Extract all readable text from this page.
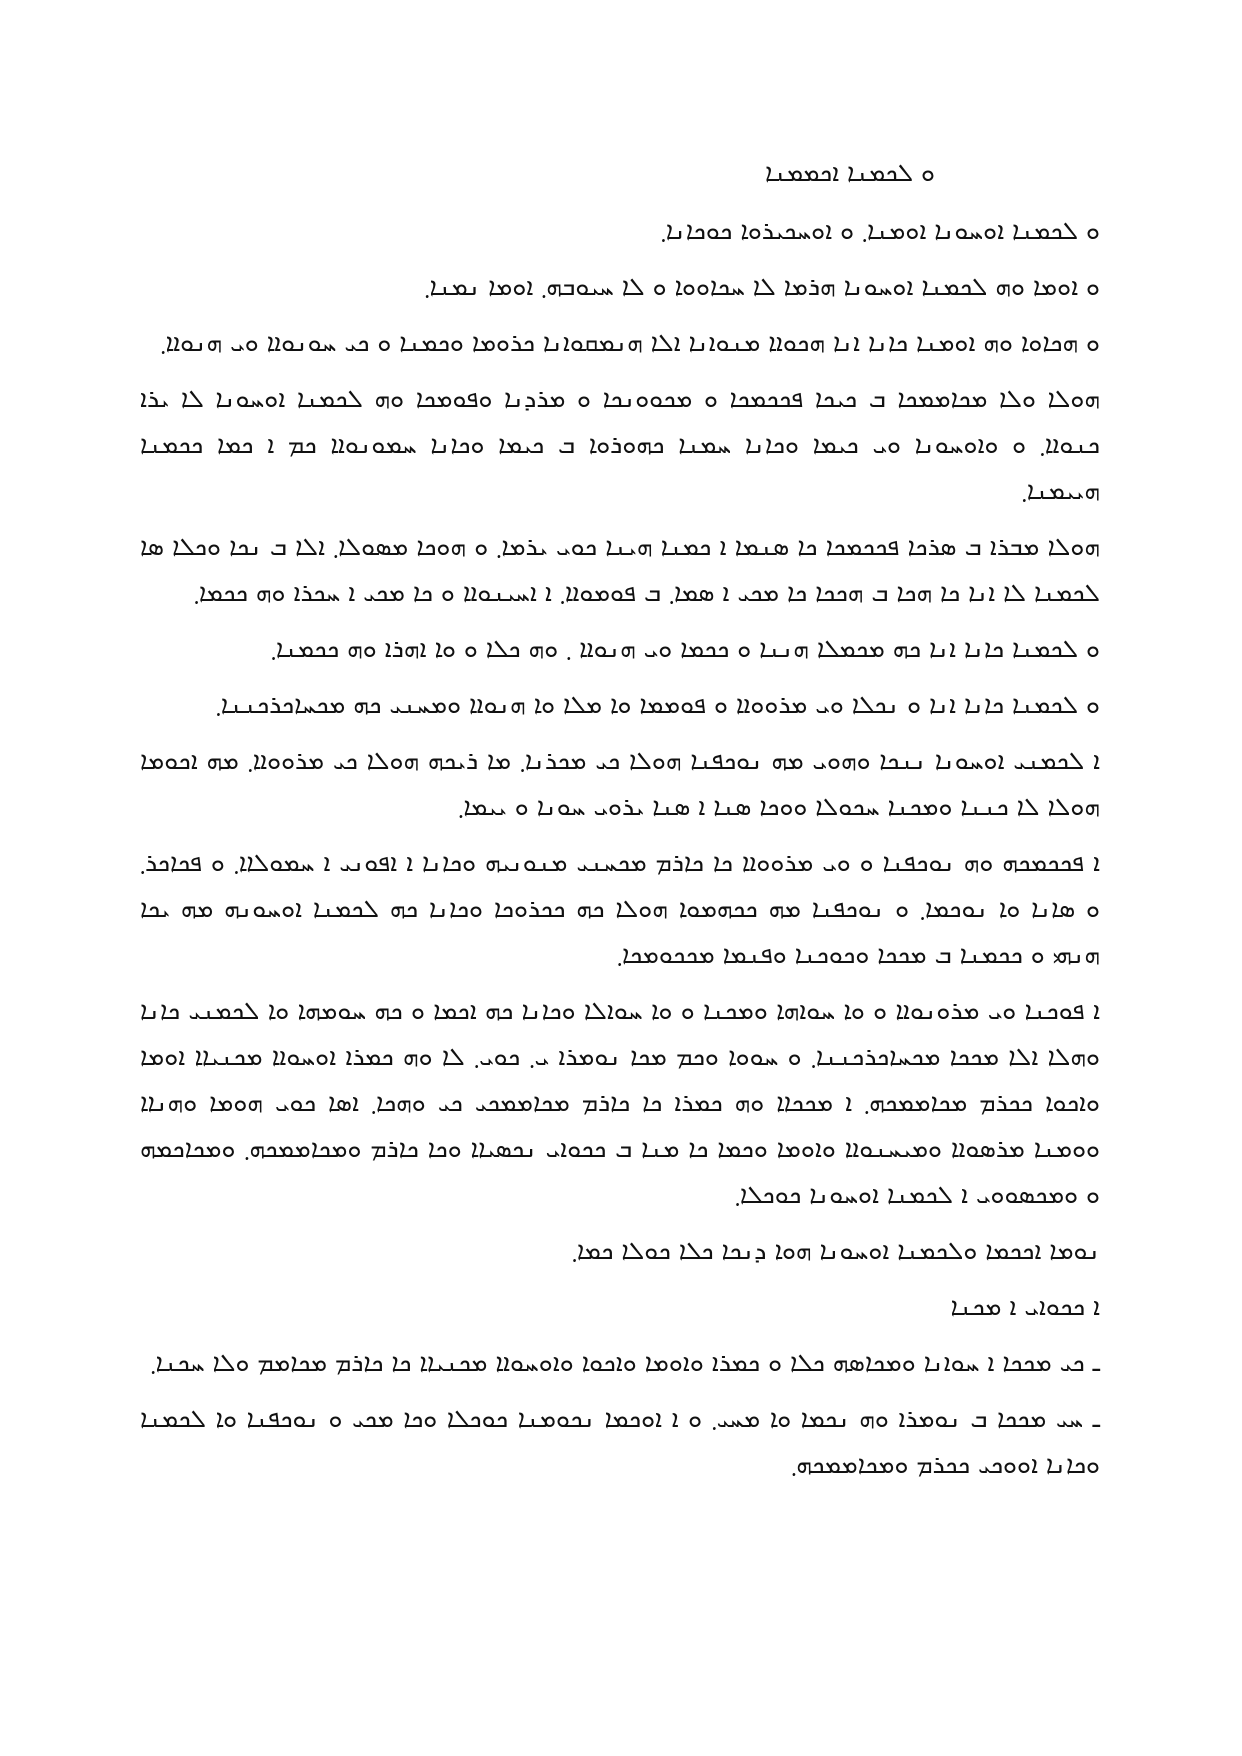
ܘ ܠܟܡܢܐ ܐܟܡܡܢܐ

ܘ ܠܟܡܢܐ ܐܘܚܘܢܐ ܐܘܡܢܐ܂ ܘ ܐܘܚܟܝܪܘܐ ܟܘܟܐܢܐ܂

ܘ ܐܘܡܐ ܘܗ ܠܟܡܢܐ ܐܘܚܘܢܐ ܗܪܡܐ ܠܐ ܚܟܐܘܘܐ ܘ ܠܐ ܚܝܘܒܗ܂ ܐܘܡܐ ܢܡܢܐ܂

ܘ ܗܟܐܘܐ ܘܗ ܐܘܡܢܐ ܟܐܢܐ ܐܢܐ ܗܟܘܐܐ ܡܢܘܐܢܐ ܐܠܐ ܗܢܡܩܘܐܢܐ ܟܪܘܡܐ ܘܟܡܢܐ ܘ ܟܝ ܚܘܢܘܐܐ ܘܝ ܗܢܘܐܐ܂

ܗܘܠܐ ܘܠܐ ܡܟܐܡܡܟܐ ܒ ܟܝܟܐ ܦܟܟܡܟܐ ܘ ܡܟܘܘܢܟܐ ܘ ܡܪܕܢܐ ܘܦܘܡܟܐ ܘܗ ܠܟܡܢܐ ܐܘܚܘܢܐ ܠܐ ܝܪܐ ܟܢܘܐܐ܂ ܘ ܘܐܘܚܘܢܐ ܘܝ ܟܝܡܐ ܘܟܐܢܐ ܚܡܢܐ ܟܗܘܪܘܐ ܒ ܟܝܡܐ ܘܟܐܢܐ ܚܡܘܢܘܐܐ ܟܡ ܐ ܟܡܐ ܟܟܡܢܐ ܗܝܝܡܢܐ܂

ܗܘܠܐ ܡܒܪܐ ܒ ܣܪܟܐ ܦܟܟܡܟܐ ܟܐ ܣܢܡܐ ܐ ܟܡܢܐ ܗܝܢܐ ܟܘܝ ܝܪܡܐ܂ ܘ ܗܘܟܐ ܡܣܘܠܐ܂ ܐܠܐ ܒ ܢܟܐ ܘܟܠܐ ܣܐ ܠܟܡܢܐ ܠܐ ܐܢܐ ܟܐ ܗܟܐ ܒ ܗܟܟܐ ܟܐ ܡܟܝ ܐ ܣܡܐ܂ ܒ ܦܘܡܘܐܐ܂ ܐ ܐܚܝܢܘܐܐ ܘ ܟܐ ܡܟܝ ܐ ܚܟܪܐ ܘܗ ܟܟܡܐ܂

ܘ ܠܟܡܢܐ ܟܐܢܐ ܐܢܐ ܟܗ ܡܟܡܠܐ ܗܢܢܐ ܘ ܟܟܡܐ ܘܝ ܗܢܘܐܐ ܂ ܘܗ ܟܠܐ ܘ ܘܐ ܐܗܪܐ ܘܗ ܟܟܡܢܐ܂

ܘ ܠܟܡܢܐ ܟܐܢܐ ܐܢܐ ܘ ܢܟܠܐ ܘܝ ܡܪܘܘܐܐ ܘ ܦܘܡܡܐ ܘܐ ܡܠܐ ܘܐ ܗܢܘܐܐ ܘܡܚܢܝ ܟܗ ܡܟܚܐܟܪܟܢܢܐ܂

ܐ ܠܟܡܢܝ ܐܘܚܘܢܐ ܢܢܟܐ ܘܗܘܝ ܡܗ ܢܘܟܦܢܐ ܗܘܠܐ ܟܝ ܡܟܪܢܐ܂ ܡܐ ܪܝܟܗ ܗܘܠܐ ܟܝ ܡܪܘܘܐܐ܂ ܡܗ ܐܟܘܡܐ ܗܘܠܐ ܠܐ ܟܢܢܐ ܘܡܟܢܐ ܚܟܘܠܐ ܘܘܟܐ ܣܢܐ ܐ ܣܢܐ ܝܪܘܝ ܚܘܢܐ ܘ ܝܝܡܐ܂

ܐ ܦܟܟܡܟܗ ܘܗ ܢܘܟܦܢܐ ܘ ܘܝ ܡܪܘܘܐܐ ܟܐ ܟܐܪܡ ܡܟܚܢܝ ܡܢܘܢܝܗ ܘܟܐܢܐ ܐ ܐܦܘܢܝ ܐ ܚܡܘܠܐܐ܂ ܘ ܦܟܐܟܪ܂ ܘ ܣܐܢܐ ܘܐ ܢܘܟܡܐ܂ ܘ ܢܘܟܦܢܐ ܡܗ ܟܟܗܡܘܐ ܗܘܠܐ ܟܗ ܟܟܪܘܟܐ ܘܟܐܢܐ ܟܗ ܠܟܡܢܐ ܐܘܚܘܢܗ ܡܗ ܝܟܐ ܗܢܗܝ ܘ ܟܟܡܢܐ ܒ ܡܟܟܐ ܘܟܘܟܢܐ ܘܦܢܡܐ ܡܟܟܘܡܟܐ܂

ܐ ܦܘܟܢܐ ܘܝ ܡܪܘܢܘܐܐ ܘ ܘܐ ܚܘܐܗܐ ܘܡܟܢܐ ܘ ܘܐ ܚܘܐܠܐ ܘܟܐܢܐ ܟܗ ܐܟܡܐ ܘ ܟܗ ܚܘܡܗܐ ܘܐ ܠܟܡܢܝ ܟܐܢܐ ܘܗܠܐ ܐܠܐ ܡܟܟܐ ܡܟܚܐܟܪܟܢܢܐ܂ ܘ ܚܘܘܐ ܘܟܡ ܡܟܐ ܢܘܡܪܐ ܝ܂ ܟܘܝ܂ ܠܐ ܘܗ ܟܡܪܐ ܐܘܚܘܐܐ ܡܟܢܝܐܐ ܐܘܡܐ ܘܐܟܘܐ ܟܟܪܡ ܡܟܐܡܡܟܗ܂ ܐ ܡܟܟܐܐ ܘܗ ܟܡܪܐ ܟܐ ܟܐܪܡ ܡܟܐܡܡܟܝ ܟܝ ܘܗܟܐ܂ ܐܣܐ ܟܘܝ ܗܘܡܐ ܘܗܢܐܐ ܘܘܡܢܐ ܡܪܣܘܐܐ ܘܡܝܚܢܘܐܐ ܘܐܘܡܐ ܘܟܡܐ ܟܐ ܡܢܐ ܒ ܟܟܘܐܝ ܢܟܣܝܐܐ ܘܟܐ ܟܐܪܡ ܘܡܟܐܡܡܟܗ܂ ܘܡܟܐܟܡܗ ܘ ܘܡܟܣܘܘܝ ܐ ܠܟܡܢܐ ܐܘܚܘܢܐ ܟܘܟܠܐ܂

ܢܘܡܐ ܐܟܟܡܐ ܘܠܟܡܢܐ ܐܘܚܘܢܐ ܗܘܐ ܕܢܟܐ ܟܠܐ ܟܘܠܐ ܟܡܐ܂

ܐ ܟܟܘܐܝ ܐ ܡܟܢܐ

ـ ܟܝ ܡܟܟܐ ܐ ܚܘܐܢܐ ܘܡܟܐܣܗ ܟܠܐ ܘ ܟܡܪܐ ܘܐܘܡܐ ܘܐܟܘܐ ܘܐܘܚܘܐܐ ܡܟܢܝܐܐ ܟܐ ܟܐܪܡ ܡܟܐܡܡ ܘܠܐ ܚܟܢܐ܂

ـ ܚܝ ܡܟܟܐ ܒ ܢܘܡܪܐ ܘܗ ܢܟܡܐ ܘܐ ܡܚܝ܂ ܘ ܐ ܐܘܟܡܐ ܢܟܘܡܢܐ ܟܘܟܠܐ ܘܟܐ ܡܟܝ ܘ ܢܘܟܦܢܐ ܘܐ ܠܟܡܢܐ ܘܟܐܢܐ ܐܘܘܟܝ ܟܟܪܡ ܘܡܟܐܡܡܟܗ܂
